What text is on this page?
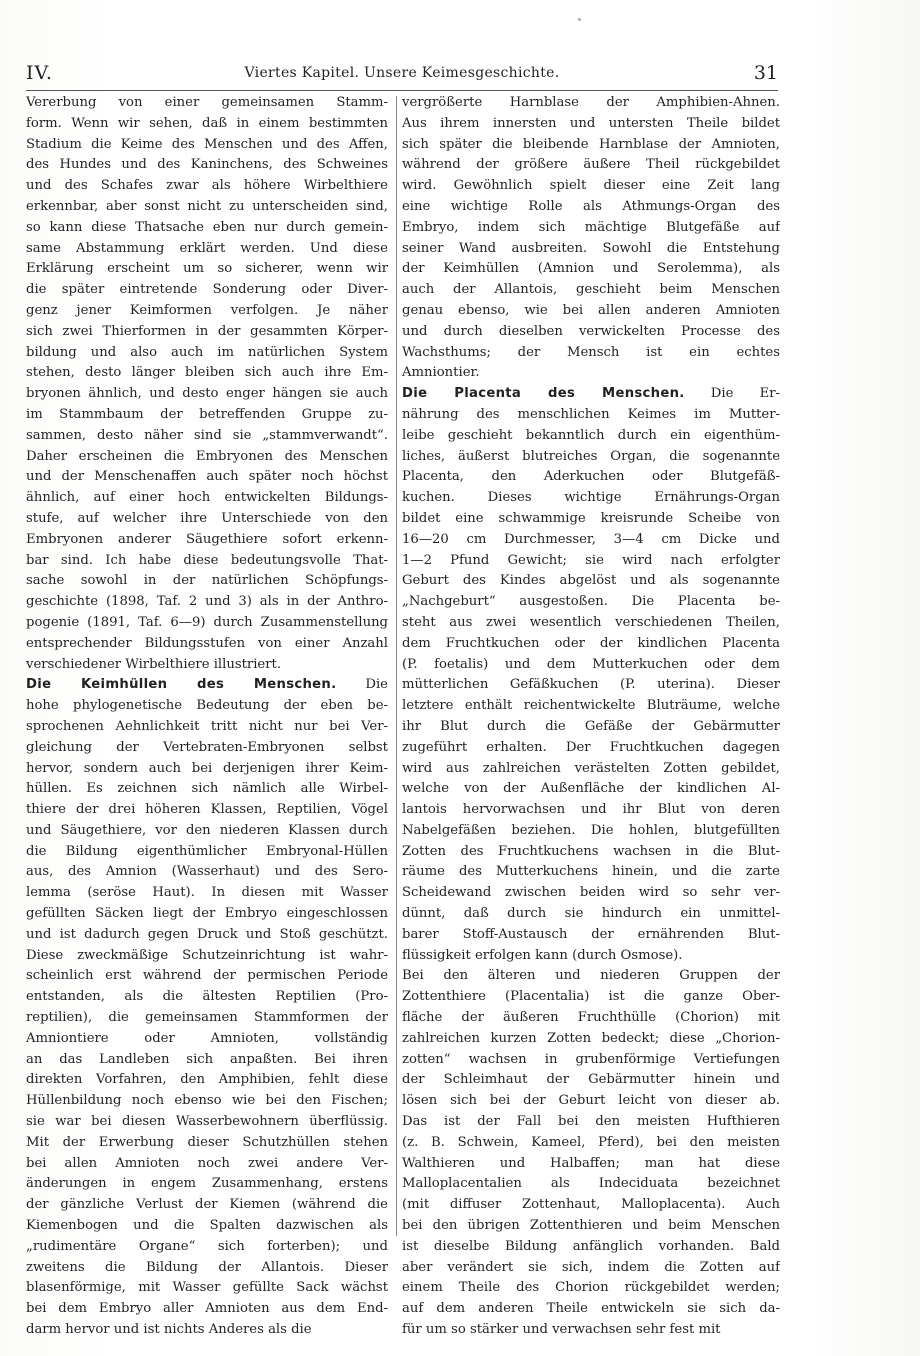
IV.	Viertes Kapitel. Unsere Keimesgeschichte.	31
Vererbung von einer gemeinsamen Stamm-
form. Wenn wir sehen, daß in einem bestimmten
Stadium die Keime des Menschen und des Affen,
des Hundes und des Kaninchens, des Schweines
und des Schafes zwar als höhere Wirbelthiere
erkennbar, aber sonst nicht zu unterscheiden sind,
so kann diese Thatsache eben nur durch gemein-
same Abstammung erklärt werden. Und diese
Erklärung erscheint um so sicherer, wenn wir
die später eintretende Sonderung oder Diver-
genz jener Keimformen verfolgen. Je näher
sich zwei Thierformen in der gesammten Körper-
bildung und also auch im natürlichen System
stehen, desto länger bleiben sich auch ihre Em-
bryonen ähnlich, und desto enger hängen sie auch
im Stammbaum der betreffenden Gruppe zu-
sammen, desto näher sind sie „stammverwandt“.
Daher erscheinen die Embryonen des Menschen
und der Menschenaffen auch später noch höchst
ähnlich, auf einer hoch entwickelten Bildungs-
stufe, auf welcher ihre Unterschiede von den
Embryonen anderer Säugethiere sofort erkenn-
bar sind. Ich habe diese bedeutungsvolle That-
sache sowohl in der natürlichen Schöpfungs-
geschichte (1898, Taf. 2 und 3) als in der Anthro-
pogenie (1891, Taf. 6—9) durch Zusammenstellung
entsprechender Bildungsstufen von einer Anzahl
verschiedener Wirbelthiere illustriert.
Die Keimhüllen des Menschen. Die
hohe phylogenetische Bedeutung der eben be-
sprochenen Aehnlichkeit tritt nicht nur bei Ver-
gleichung der Vertebraten-Embryonen selbst
hervor, sondern auch bei derjenigen ihrer Keim-
hüllen. Es zeichnen sich nämlich alle Wirbel-
thiere der drei höheren Klassen, Reptilien, Vögel
und Säugethiere, vor den niederen Klassen durch
die Bildung eigenthümlicher Embryonal-Hüllen
aus, des Amnion (Wasserhaut) und des Sero-
lemma (seröse Haut). In diesen mit Wasser
gefüllten Säcken liegt der Embryo eingeschlossen
und ist dadurch gegen Druck und Stoß geschützt.
Diese zweckmäßige Schutzeinrichtung ist wahr-
scheinlich erst während der permischen Periode
entstanden, als die ältesten Reptilien (Pro-
reptilien), die gemeinsamen Stammformen der
Amniontiere oder Amnioten, vollständig
an das Landleben sich anpaßten. Bei ihren
direkten Vorfahren, den Amphibien, fehlt diese
Hüllenbildung noch ebenso wie bei den Fischen;
sie war bei diesen Wasserbewohnern überflüssig.
Mit der Erwerbung dieser Schutzhüllen stehen
bei allen Amnioten noch zwei andere Ver-
änderungen in engem Zusammenhang, erstens
der gänzliche Verlust der Kiemen (während die
Kiemenbogen und die Spalten dazwischen als
„rudimentäre Organe“ sich forterben); und
zweitens die Bildung der Allantois. Dieser
blasenförmige, mit Wasser gefüllte Sack wächst
bei dem Embryo aller Amnioten aus dem End-
darm hervor und ist nichts Anderes als die
vergrößerte Harnblase der Amphibien-Ahnen.
Aus ihrem innersten und untersten Theile bildet
sich später die bleibende Harnblase der Amnioten,
während der größere äußere Theil rückgebildet
wird. Gewöhnlich spielt dieser eine Zeit lang
eine wichtige Rolle als Athmungs-Organ des
Embryo, indem sich mächtige Blutgefäße auf
seiner Wand ausbreiten. Sowohl die Entstehung
der Keimhüllen (Amnion und Serolemma), als
auch der Allantois, geschieht beim Menschen
genau ebenso, wie bei allen anderen Amnioten
und durch dieselben verwickelten Processe des
Wachsthums; der Mensch ist ein echtes
Amniontier.
Die Placenta des Menschen. Die Er-
nährung des menschlichen Keimes im Mutter-
leibe geschieht bekanntlich durch ein eigenthüm-
liches, äußerst blutreiches Organ, die sogenannte
Placenta, den Aderkuchen oder Blutgefäß-
kuchen. Dieses wichtige Ernährungs-Organ
bildet eine schwammige kreisrunde Scheibe von
16—20 cm Durchmesser, 3—4 cm Dicke und
1—2 Pfund Gewicht; sie wird nach erfolgter
Geburt des Kindes abgelöst und als sogenannte
„Nachgeburt“ ausgestoßen. Die Placenta be-
steht aus zwei wesentlich verschiedenen Theilen,
dem Fruchtkuchen oder der kindlichen Placenta
(P. foetalis) und dem Mutterkuchen oder dem
mütterlichen Gefäßkuchen (P. uterina). Dieser
letztere enthält reichentwickelte Bluträume, welche
ihr Blut durch die Gefäße der Gebärmutter
zugeführt erhalten. Der Fruchtkuchen dagegen
wird aus zahlreichen verästelten Zotten gebildet,
welche von der Außenfläche der kindlichen Al-
lantois hervorwachsen und ihr Blut von deren
Nabelgefäßen beziehen. Die hohlen, blutgefüllten
Zotten des Fruchtkuchens wachsen in die Blut-
räume des Mutterkuchens hinein, und die zarte
Scheidewand zwischen beiden wird so sehr ver-
dünnt, daß durch sie hindurch ein unmittel-
barer Stoff-Austausch der ernährenden Blut-
flüssigkeit erfolgen kann (durch Osmose).
Bei den älteren und niederen Gruppen der
Zottenthiere (Placentalia) ist die ganze Ober-
fläche der äußeren Fruchthülle (Chorion) mit
zahlreichen kurzen Zotten bedeckt; diese „Chorion-
zotten“ wachsen in grubenförmige Vertiefungen
der Schleimhaut der Gebärmutter hinein und
lösen sich bei der Geburt leicht von dieser ab.
Das ist der Fall bei den meisten Hufthieren
(z. B. Schwein, Kameel, Pferd), bei den meisten
Walthieren und Halbaffen; man hat diese
Malloplacentalien als Indeciduata bezeichnet
(mit diffuser Zottenhaut, Malloplacenta). Auch
bei den übrigen Zottenthieren und beim Menschen
ist dieselbe Bildung anfänglich vorhanden. Bald
aber verändert sie sich, indem die Zotten auf
einem Theile des Chorion rückgebildet werden;
auf dem anderen Theile entwickeln sie sich da-
für um so stärker und verwachsen sehr fest mit
